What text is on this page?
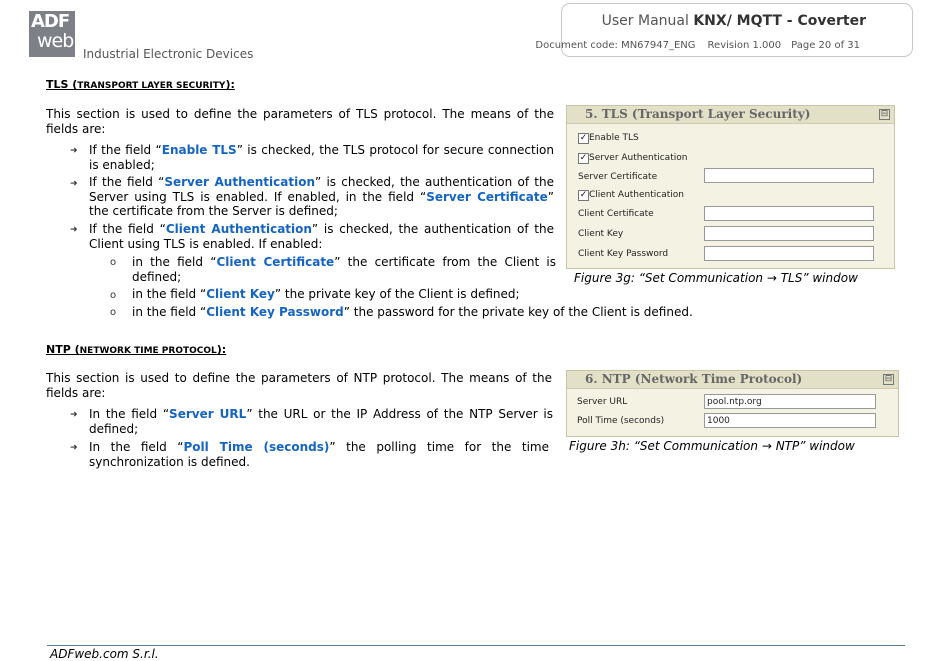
ADF
web
Industrial Electronic Devices
User Manual KNX/ MQTT - Coverter
Document code: MN67947_ENG Revision 1.000 Page 20 of 31
TLS (TRANSPORT LAYER SECURITY):
This section is used to define the parameters of TLS protocol. The means of the fields are:
➜ If the field “Enable TLS” is checked, the TLS protocol for secure connection is enabled;
➜ If the field “Server Authentication” is checked, the authentication of the Server using TLS is enabled. If enabled, in the field “Server Certificate” the certificate from the Server is defined;
➜ If the field “Client Authentication” is checked, the authentication of the Client using TLS is enabled. If enabled:
o in the field “Client Certificate” the certificate from the Client is defined;
o in the field “Client Key” the private key of the Client is defined;
o in the field “Client Key Password” the password for the private key of the Client is defined.
5. TLS (Transport Layer Security)	⊟
✓ Enable TLS
✓ Server Authentication
Server Certificate
✓ Client Authentication
Client Certificate
Client Key
Client Key Password
Figure 3g: “Set Communication → TLS” window
NTP (NETWORK TIME PROTOCOL):
This section is used to define the parameters of NTP protocol. The means of the fields are:
➜ In the field “Server URL” the URL or the IP Address of the NTP Server is defined;
➜ In the field “Poll Time (seconds)” the polling time for the time synchronization is defined.
6. NTP (Network Time Protocol)	⊟
Server URL	pool.ntp.org
Poll Time (seconds)	1000
Figure 3h: “Set Communication → NTP” window
ADFweb.com S.r.l.
